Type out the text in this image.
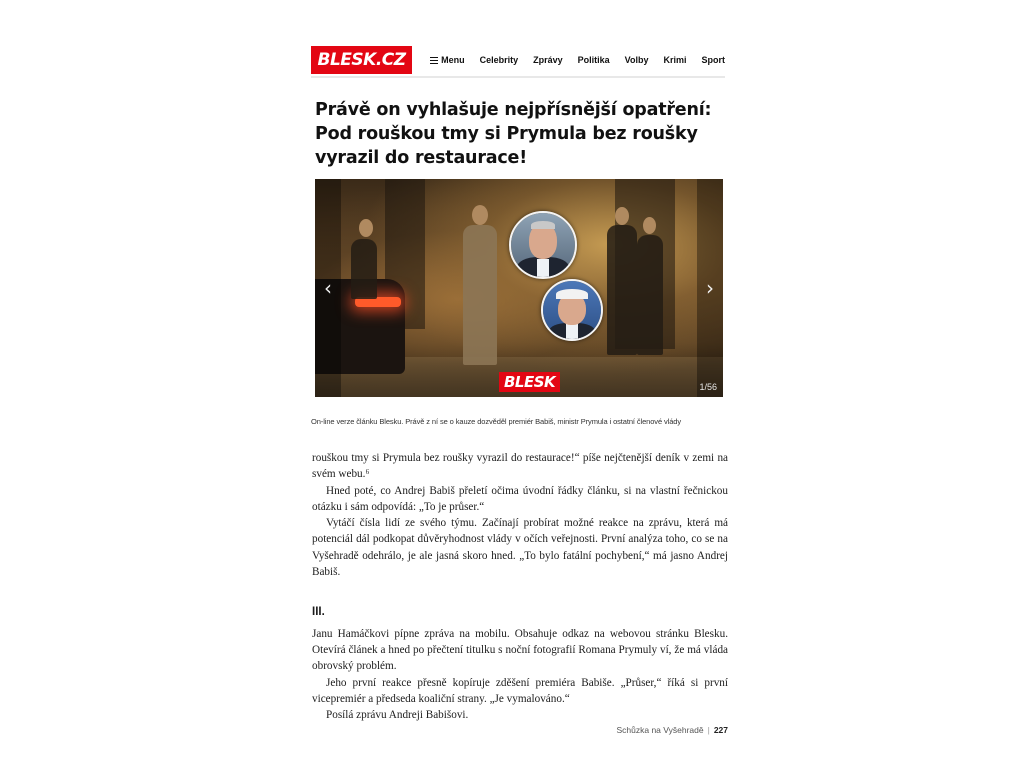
BLESK.CZ	Menu Celebrity Zprávy Politika Volby Krimi Sport
Právě on vyhlašuje nejpřísnější opatření: Pod rouškou tmy si Prymula bez roušky vyrazil do restaurace!
‹	›
BLESK	1/56
On-line verze článku Blesku. Právě z ní se o kauze dozvěděl premiér Babiš, ministr Prymula i ostatní členové vlády

rouškou tmy si Prymula bez roušky vyrazil do restaurace!“ píše nejčtenější deník v zemi na svém webu.⁶

Hned poté, co Andrej Babiš přeletí očima úvodní řádky článku, si na vlastní řečnickou otázku i sám odpovídá: „To je průser.“

Vytáčí čísla lidí ze svého týmu. Začínají probírat možné reakce na zprávu, která má potenciál dál podkopat důvěryhodnost vlády v očích veřejnosti. První analýza toho, co se na Vyšehradě odehrálo, je ale jasná skoro hned. „To bylo fatální pochybení,“ má jasno Andrej Babiš.

III.

Janu Hamáčkovi pípne zpráva na mobilu. Obsahuje odkaz na webovou stránku Blesku. Otevírá článek a hned po přečtení titulku s noční fotografií Romana Prymuly ví, že má vláda obrovský problém.

Jeho první reakce přesně kopíruje zděšení premiéra Babiše. „Průser,“ říká si první vicepremiér a předseda koaliční strany. „Je vymalováno.“

Posílá zprávu Andreji Babišovi.

Schůzka na Vyšehradě | 227
